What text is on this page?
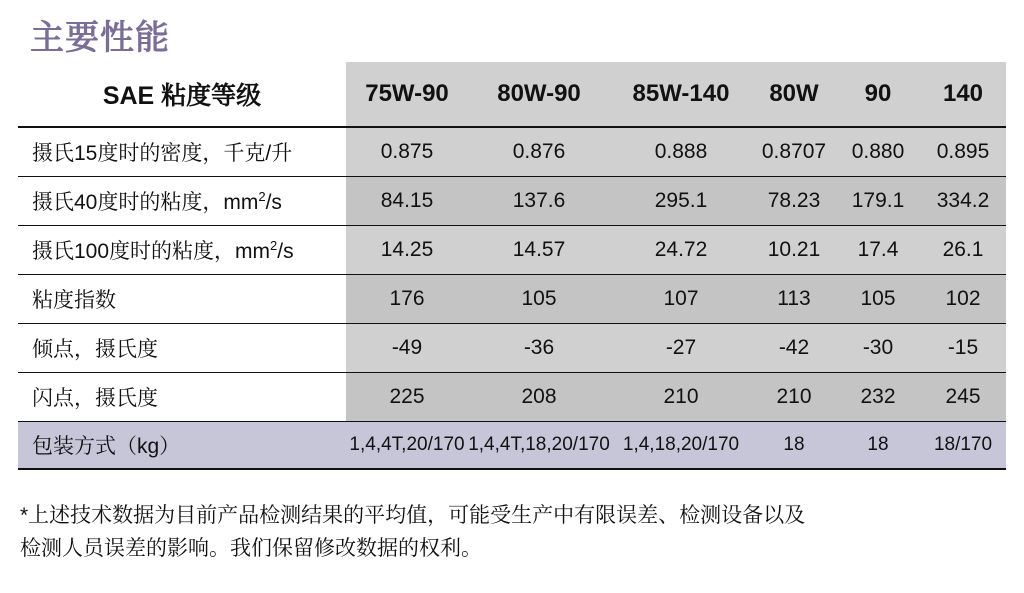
主要性能
SAE 粘度等级	75W-90	80W-90	85W-140	80W	90	140
摄氏15度时的密度，千克/升	0.875	0.876	0.888	0.8707	0.880	0.895
摄氏40度时的粘度，$mm^2/s$	84.15	137.6	295.1	78.23	179.1	334.2
摄氏100度时的粘度，$mm^2/s$	14.25	14.57	24.72	10.21	17.4	26.1
粘度指数	176	105	107	113	105	102
倾点，摄氏度	-49	-36	-27	-42	-30	-15
闪点，摄氏度	225	208	210	210	232	245
包装方式（kg）	1,4,4T,20/170	1,4,4T,18,20/170	1,4,18,20/170	18	18	18/170
*上述技术数据为目前产品检测结果的平均值，可能受生产中有限误差、检测设备以及
检测人员误差的影响。我们保留修改数据的权利。
